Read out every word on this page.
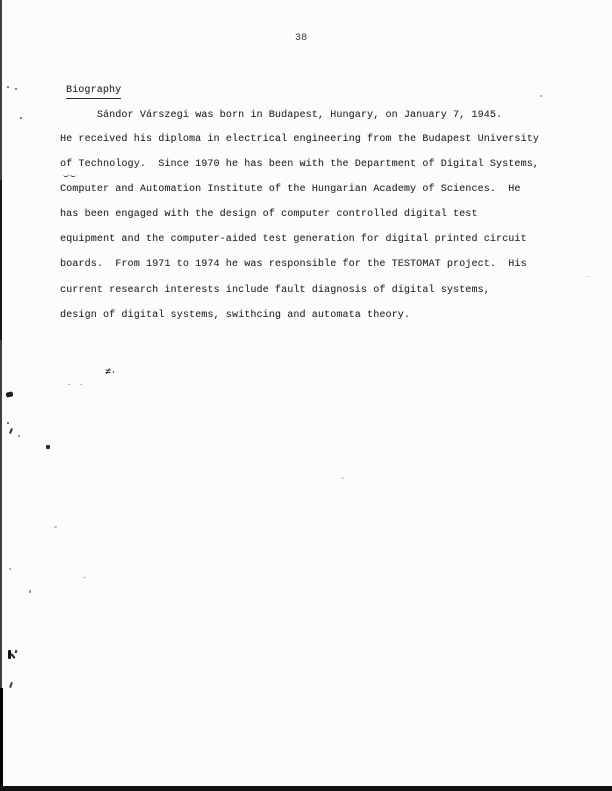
38
Biography
Sándor Várszegi was born in Budapest, Hungary, on January 7, 1945.
He received his diploma in electrical engineering from the Budapest University
of Technology.  Since 1970 he has been with the Department of Digital Systems,
Computer and Automation Institute of the Hungarian Academy of Sciences.  He
has been engaged with the design of computer controlled digital test
equipment and the computer-aided test generation for digital printed circuit
boards.  From 1971 to 1974 he was responsible for the TESTOMAT project.  His
current research interests include fault diagnosis of digital systems,
design of digital systems, swithcing and automata theory.
≠·
